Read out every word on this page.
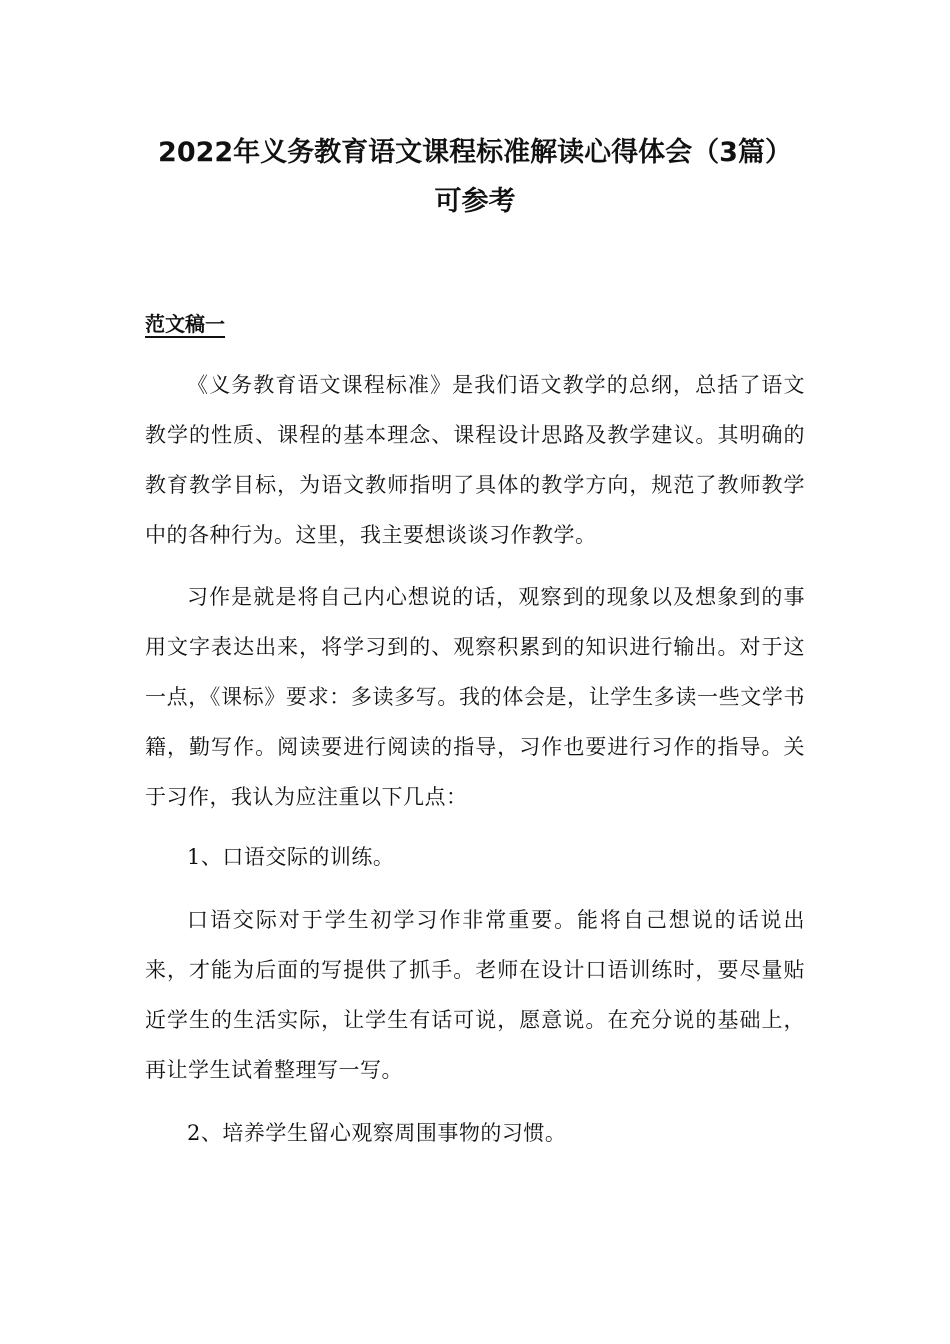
2022年义务教育语文课程标准解读心得体会（3篇）
可参考
范文稿一

《义务教育语文课程标准》是我们语文教学的总纲，总括了语文教学的性质、课程的基本理念、课程设计思路及教学建议。其明确的教育教学目标，为语文教师指明了具体的教学方向，规范了教师教学中的各种行为。这里，我主要想谈谈习作教学。

习作是就是将自己内心想说的话，观察到的现象以及想象到的事用文字表达出来，将学习到的、观察积累到的知识进行输出。对于这一点，《课标》要求：多读多写。我的体会是，让学生多读一些文学书籍，勤写作。阅读要进行阅读的指导，习作也要进行习作的指导。关于习作，我认为应注重以下几点：

1、口语交际的训练。

口语交际对于学生初学习作非常重要。能将自己想说的话说出来，才能为后面的写提供了抓手。老师在设计口语训练时，要尽量贴近学生的生活实际，让学生有话可说，愿意说。在充分说的基础上，再让学生试着整理写一写。

2、培养学生留心观察周围事物的习惯。
